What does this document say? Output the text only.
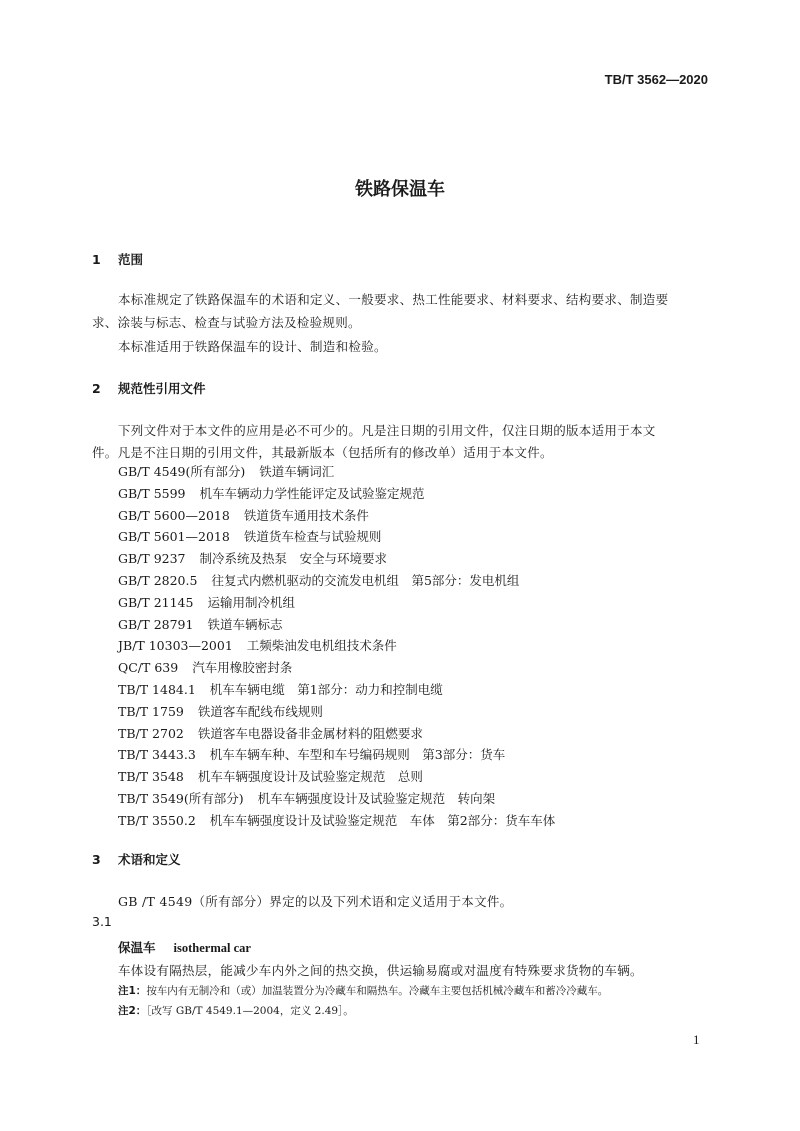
TB/T 3562—2020
铁路保温车
1 范围
本标准规定了铁路保温车的术语和定义、一般要求、热工性能要求、材料要求、结构要求、制造要
求、涂装与标志、检查与试验方法及检验规则。
本标准适用于铁路保温车的设计、制造和检验。
2 规范性引用文件
下列文件对于本文件的应用是必不可少的。凡是注日期的引用文件，仅注日期的版本适用于本文
件。凡是不注日期的引用文件，其最新版本（包括所有的修改单）适用于本文件。
GB/T 4549(所有部分) 铁道车辆词汇
GB/T 5599 机车车辆动力学性能评定及试验鉴定规范
GB/T 5600—2018 铁道货车通用技术条件
GB/T 5601—2018 铁道货车检查与试验规则
GB/T 9237 制冷系统及热泵　安全与环境要求
GB/T 2820.5 往复式内燃机驱动的交流发电机组　第5部分：发电机组
GB/T 21145 运输用制冷机组
GB/T 28791 铁道车辆标志
JB/T 10303—2001 工频柴油发电机组技术条件
QC/T 639 汽车用橡胶密封条
TB/T 1484.1 机车车辆电缆　第1部分：动力和控制电缆
TB/T 1759 铁道客车配线布线规则
TB/T 2702 铁道客车电器设备非金属材料的阻燃要求
TB/T 3443.3 机车车辆车种、车型和车号编码规则　第3部分：货车
TB/T 3548 机车车辆强度设计及试验鉴定规范　总则
TB/T 3549(所有部分) 机车车辆强度设计及试验鉴定规范　转向架
TB/T 3550.2 机车车辆强度设计及试验鉴定规范　车体　第2部分：货车车体
3 术语和定义
GB /T 4549（所有部分）界定的以及下列术语和定义适用于本文件。
3.1
保温车 isothermal car
车体设有隔热层，能减少车内外之间的热交换，供运输易腐或对温度有特殊要求货物的车辆。
注1：按车内有无制冷和（或）加温装置分为冷藏车和隔热车。冷藏车主要包括机械冷藏车和蓄冷冷藏车。
注2：［改写 GB/T 4549.1—2004，定义 2.49］。
1
